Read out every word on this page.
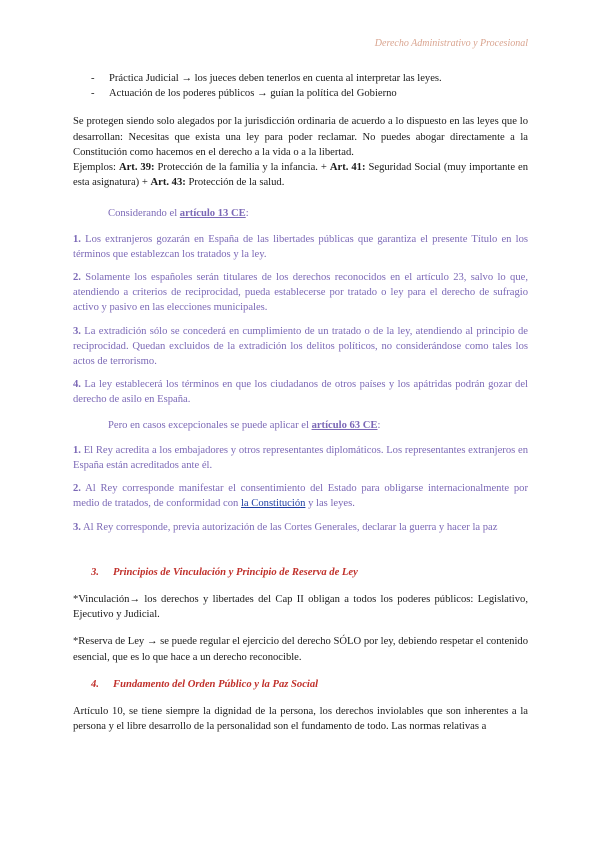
Derecho Administrativo y Procesional
-	Práctica Judicial → los jueces deben tenerlos en cuenta al interpretar las leyes.
-	Actuación de los poderes públicos → guían la política del Gobierno

Se protegen siendo solo alegados por la jurisdicción ordinaria de acuerdo a lo dispuesto en las leyes que lo desarrollan: Necesitas que exista una ley para poder reclamar. No puedes abogar directamente a la Constitución como hacemos en el derecho a la vida o a la libertad.

Ejemplos: Art. 39: Protección de la familia y la infancia. + Art. 41: Seguridad Social (muy importante en esta asignatura) + Art. 43: Protección de la salud.

Considerando el artículo 13 CE:

1. Los extranjeros gozarán en España de las libertades públicas que garantiza el presente Título en los términos que establezcan los tratados y la ley.

2. Solamente los españoles serán titulares de los derechos reconocidos en el artículo 23, salvo lo que, atendiendo a criterios de reciprocidad, pueda establecerse por tratado o ley para el derecho de sufragio activo y pasivo en las elecciones municipales.

3. La extradición sólo se concederá en cumplimiento de un tratado o de la ley, atendiendo al principio de reciprocidad. Quedan excluidos de la extradición los delitos políticos, no considerándose como tales los actos de terrorismo.

4. La ley establecerá los términos en que los ciudadanos de otros países y los apátridas podrán gozar del derecho de asilo en España.

Pero en casos excepcionales se puede aplicar el artículo 63 CE:

1. El Rey acredita a los embajadores y otros representantes diplomáticos. Los representantes extranjeros en España están acreditados ante él.

2. Al Rey corresponde manifestar el consentimiento del Estado para obligarse internacionalmente por medio de tratados, de conformidad con la Constitución y las leyes.

3. Al Rey corresponde, previa autorización de las Cortes Generales, declarar la guerra y hacer la paz

3. Principios de Vinculación y Principio de Reserva de Ley

*Vinculación→ los derechos y libertades del Cap II obligan a todos los poderes públicos: Legislativo, Ejecutivo y Judicial.

*Reserva de Ley → se puede regular el ejercicio del derecho SÓLO por ley, debiendo respetar el contenido esencial, que es lo que hace a un derecho reconocible.

4. Fundamento del Orden Público y la Paz Social

Artículo 10, se tiene siempre la dignidad de la persona, los derechos inviolables que son inherentes a la persona y el libre desarrollo de la personalidad son el fundamento de todo. Las normas relativas a
